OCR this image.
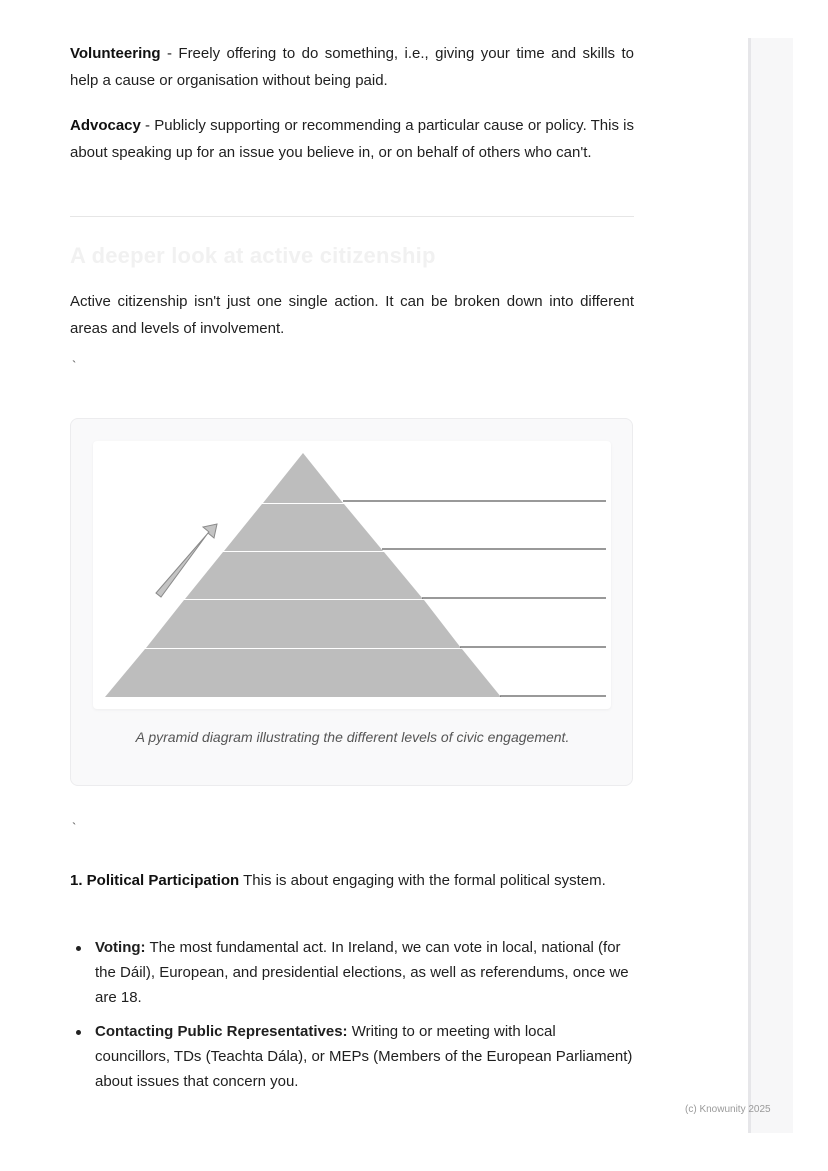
Volunteering - Freely offering to do something, i.e., giving your time and skills to help a cause or organisation without being paid.

Advocacy - Publicly supporting or recommending a particular cause or policy. This is about speaking up for an issue you believe in, or on behalf of others who can't.

A deeper look at active citizenship

Active citizenship isn't just one single action. It can be broken down into different areas and levels of involvement.

`
`

1. Political Participation This is about engaging with the formal political system.

Voting: The most fundamental act. In Ireland, we can vote in local, national (for the Dáil), European, and presidential elections, as well as referendums, once we are 18.
Contacting Public Representatives: Writing to or meeting with local councillors, TDs (Teachta Dála), or MEPs (Members of the European Parliament) about issues that concern you.
A pyramid diagram illustrating the different levels of civic engagement.
(c) Knowunity 2025
